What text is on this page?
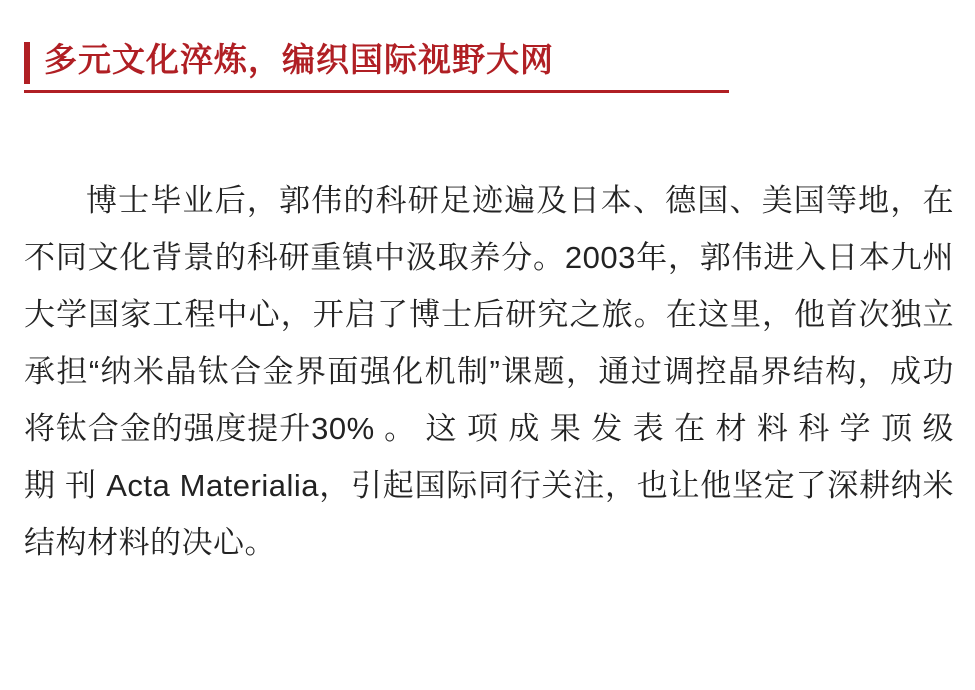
多元文化淬炼，编织国际视野大网

博士毕业后，郭伟的科研足迹遍及日本、德国、美国等地，在不同文化背景的科研重镇中汲取养分。2003年，郭伟进入日本九州大学国家工程中心，开启了博士后研究之旅。在这里，他首次独立承担“纳米晶钛合金界面强化机制”课题，通过调控晶界结构，成功将钛合金的强度提升30% 。 这 项 成 果 发 表 在 材 料 科 学 顶 级 期 刊 Acta Materialia，引起国际同行关注，也让他坚定了深耕纳米结构材料的决心。
